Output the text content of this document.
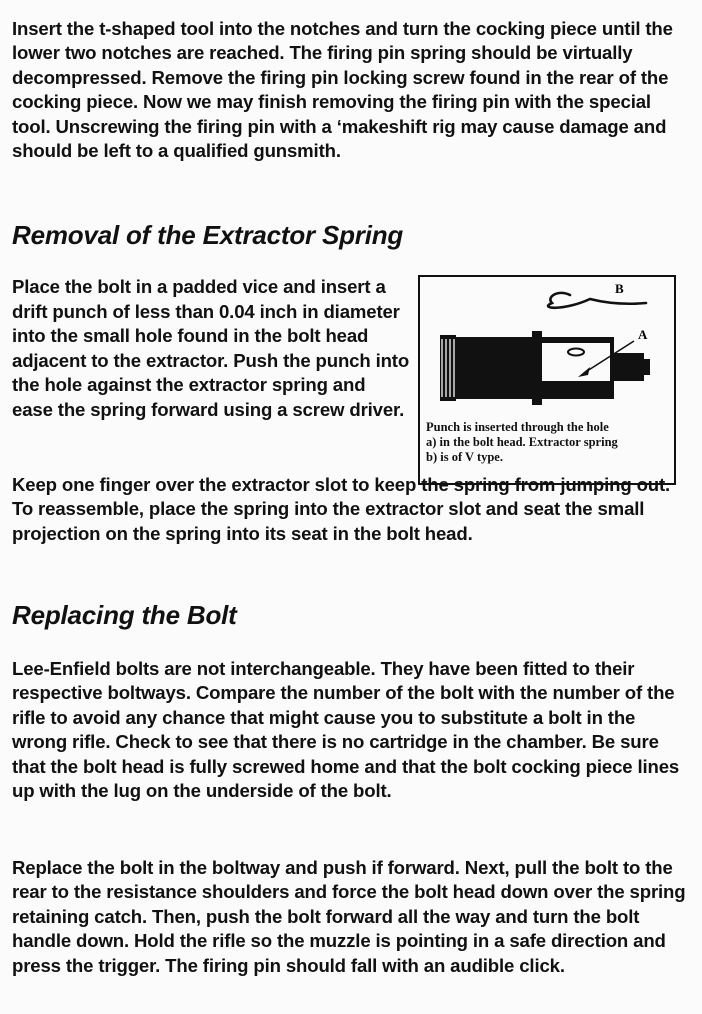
Insert the t-shaped tool into the notches and turn the cocking piece until the lower two notches are reached. The firing pin spring should be virtually decompressed. Remove the firing pin locking screw found in the rear of the cocking piece. Now we may finish removing the firing pin with the special tool. Unscrewing the firing pin with a ‘makeshift rig may cause damage and should be left to a qualified gunsmith.

Removal of the Extractor Spring

Place the bolt in a padded vice and insert a drift punch of less than 0.04 inch in diameter into the small hole found in the bolt head adjacent to the extractor. Push the punch into the hole against the extractor spring and ease the spring forward using a screw driver.

B
A

Punch is inserted through the hole
a) in the bolt head. Extractor spring
b) is of V type.

Keep one finger over the extractor slot to keep the spring from jumping out. To reassemble, place the spring into the extractor slot and seat the small projection on the spring into its seat in the bolt head.

Replacing the Bolt

Lee-Enfield bolts are not interchangeable. They have been fitted to their respective boltways. Compare the number of the bolt with the number of the rifle to avoid any chance that might cause you to substitute a bolt in the wrong rifle. Check to see that there is no cartridge in the chamber. Be sure that the bolt head is fully screwed home and that the bolt cocking piece lines up with the lug on the underside of the bolt.

Replace the bolt in the boltway and push if forward. Next, pull the bolt to the rear to the resistance shoulders and force the bolt head down over the spring retaining catch. Then, push the bolt forward all the way and turn the bolt handle down. Hold the rifle so the muzzle is pointing in a safe direction and press the trigger. The firing pin should fall with an audible click.
